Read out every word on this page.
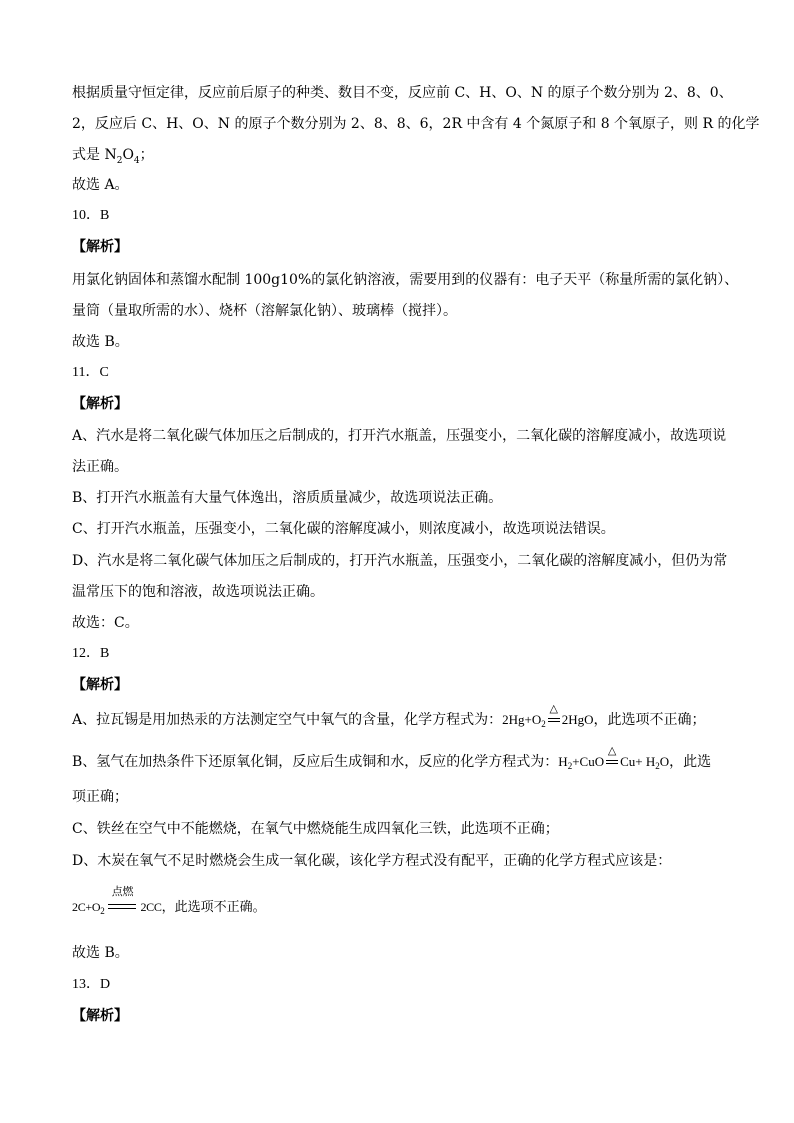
根据质量守恒定律，反应前后原子的种类、数目不变，反应前 C、H、O、N 的原子个数分别为 2、8、0、
2，反应后 C、H、O、N 的原子个数分别为 2、8、8、6，2R 中含有 4 个氮原子和 8 个氧原子，则 R 的化学
式是 $N_2O_4$；
故选 A。
10．B
【解析】
用氯化钠固体和蒸馏水配制 100g10%的氯化钠溶液，需要用到的仪器有：电子天平（称量所需的氯化钠）、
量筒（量取所需的水）、烧杯（溶解氯化钠）、玻璃棒（搅拌）。
故选 B。
11．C
【解析】
A、汽水是将二氧化碳气体加压之后制成的，打开汽水瓶盖，压强变小，二氧化碳的溶解度减小，故选项说
法正确。
B、打开汽水瓶盖有大量气体逸出，溶质质量减少，故选项说法正确。
C、打开汽水瓶盖，压强变小，二氧化碳的溶解度减小，则浓度减小，故选项说法错误。
D、汽水是将二氧化碳气体加压之后制成的，打开汽水瓶盖，压强变小，二氧化碳的溶解度减小，但仍为常
温常压下的饱和溶液，故选项说法正确。
故选：C。
12．B
【解析】
A、拉瓦锡是用加热汞的方法测定空气中氧气的含量，化学方程式为：$2Hg+O_2$
△
2HgO，此选项不正确；
B、氢气在加热条件下还原氧化铜，反应后生成铜和水，反应的化学方程式为：$H_2+CuO$
△
$Cu+ H_2O$，此选
项正确；
C、铁丝在空气中不能燃烧，在氧气中燃烧能生成四氧化三铁，此选项不正确；
D、木炭在氧气不足时燃烧会生成一氧化碳，该化学方程式没有配平，正确的化学方程式应该是：
$2C+O_2$
点燃
2CC，此选项不正确。
故选 B。
13．D
【解析】
